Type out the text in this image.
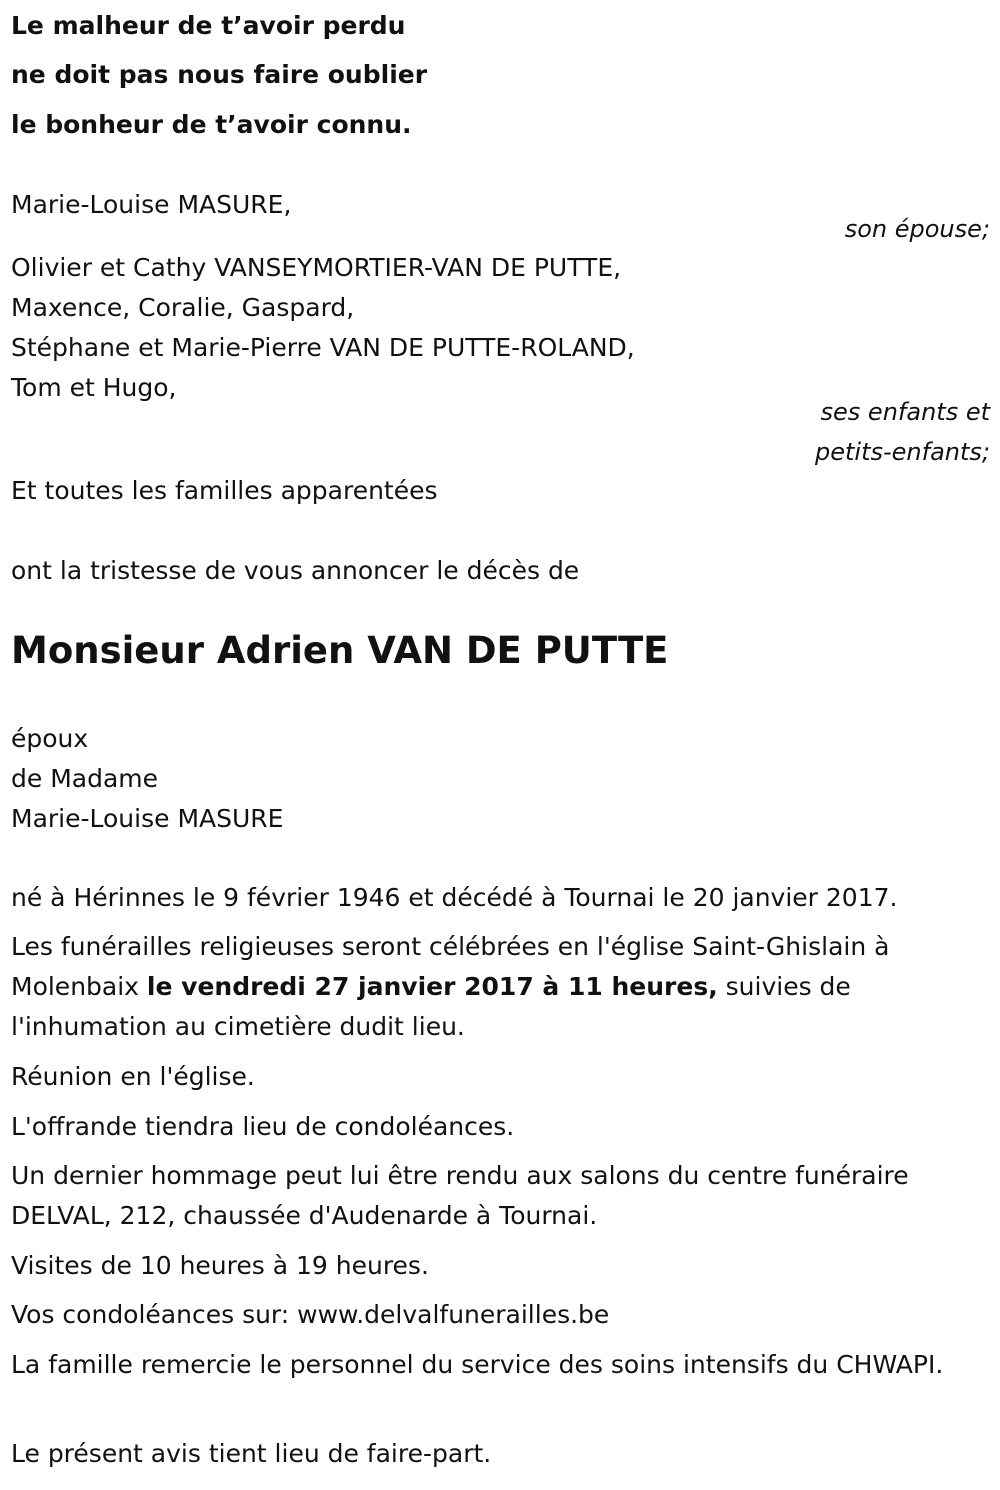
Le malheur de t’avoir perdu

ne doit pas nous faire oublier

le bonheur de t’avoir connu.

Marie-Louise MASURE,

son épouse;

Olivier et Cathy VANSEYMORTIER-VAN DE PUTTE,

Maxence, Coralie, Gaspard,

Stéphane et Marie-Pierre VAN DE PUTTE-ROLAND,

Tom et Hugo,

ses enfants et

petits-enfants;

Et toutes les familles apparentées

ont la tristesse de vous annoncer le décès de

Monsieur Adrien VAN DE PUTTE

époux

de Madame

Marie-Louise MASURE

né à Hérinnes le 9 février 1946 et décédé à Tournai le 20 janvier 2017.

Les funérailles religieuses seront célébrées en l'église Saint-Ghislain à Molenbaix le vendredi 27 janvier 2017 à 11 heures, suivies de l'inhumation au cimetière dudit lieu.

Réunion en l'église.

L'offrande tiendra lieu de condoléances.

Un dernier hommage peut lui être rendu aux salons du centre funéraire DELVAL, 212, chaussée d'Audenarde à Tournai.

Visites de 10 heures à 19 heures.

Vos condoléances sur: www.delvalfunerailles.be

La famille remercie le personnel du service des soins intensifs du CHWAPI.

Le présent avis tient lieu de faire-part.
